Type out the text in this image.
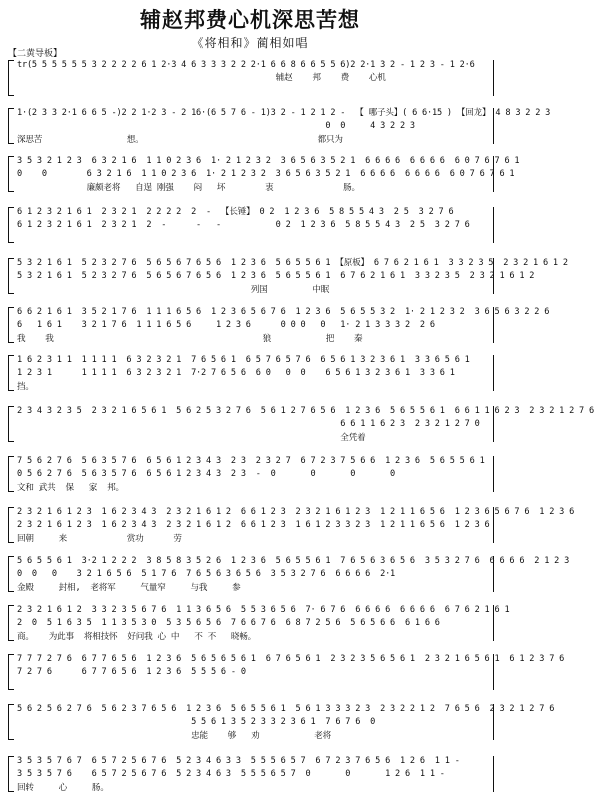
辅赵邦费心机深思苦想
《将相和》蔺相如唱
【二黄导板】
tr(5 5 5 5 5 5 3 2 2 2 2 6 1 2·3 4 6 3 3 3 2 2 2·1 6 6 8 6 6 5 5 6)2 2·1 3 2 - 1 2 3 - 1 2·6
辅赵    邦    费    心机
1·(2 3 3 2·1 6 6 5 -)2 2 1·2 3 - 2 16·(6 5 7 6 - 1)3 2 - 1 2 1 2 -  【 哪子头】( 6 6·15 ) 【回龙】 4 8 3 2 2 3
0  0     4 3 2 2 3
深思苦                 想。                                   都只为
3 5 3 2 1 2 3  6 3 2 1 6  1 1 0 2 3 6  1· 2 1 2 3 2  3 6 5 6 3 5 2 1  6 6 6 6  6 6 6 6  6 0 7 6 7 6 1
0    0        6 3 2 1 6  1 1 0 2 3 6  1· 2 1 2 3 2  3 6 5 6 3 5 2 1  6 6 6 6  6 6 6 6  6 0 7 6 7 6 1
廉颇老将   自逞 刚强    闷   坏        衷              肠。
6 1 2 3 2 1 6 1  2 3 2 1  2 2 2 2  2  -  【长锤】 0 2  1 2 3 6  5 8 5 5 4 3  2 5  3 2 7 6
6 1 2 3 2 1 6 1  2 3 2 1  2  -      -   -           0 2  1 2 3 6  5 8 5 5 4 3  2 5  3 2 7 6
5 3 2 1 6 1  5 2 3 2 7 6  5 6 5 6 7 6 5 6  1 2 3 6  5 6 5 5 6 1 【原板】 6 7 6 2 1 6 1  3 3 2 3 5  2 3 2 1 6 1 2
5 3 2 1 6 1  5 2 3 2 7 6  5 6 5 6 7 6 5 6  1 2 3 6  5 6 5 5 6 1  6 7 6 2 1 6 1  3 3 2 3 5  2 3 2 1 6 1 2
列国         中眠
6 6 2 1 6 1  3 5 2 1 7 6  1 1 1 6 5 6  1 2 3 6 5 6 7 6  1 2 3 6  5 6 5 5 3 2  1· 2 1 2 3 2  3 6 5 6 3 2 2 6
6   1 6 1    3 2 1 7 6  1 1 1 6 5 6     1 2 3 6      0 0 0   0   1· 2 1 3 3 3 2  2 6
我    我                                          狼           把    秦
1 6 2 3 1 1  1 1 1 1  6 3 2 3 2 1  7 6 5 6 1  6 5 7 6 5 7 6  6 5 6 1 3 2 3 6 1  3 3 6 5 6 1
1 2 3 1      1 1 1 1  6 3 2 3 2 1  7·2 7 6 5 6  6 0   0  0    6 5 6 1 3 2 3 6 1  3 3 6 1
挡。
2 3 4 3 2 3 5  2 3 2 1 6 5 6 1  5 6 2 5 3 2 7 6  5 6 1 2 7 6 5 6  1 2 3 6  5 6 5 5 6 1  6 6 1 1 6 2 3  2 3 2 1 2 7 6
6 6 1 1 6 2 3  2 3 2 1 2 7 0
全凭着
7 5 6 2 7 6  5 6 3 5 7 6  6 5 6 1 2 3 4 3  2 3  2 3 2 7  6 7 2 3 7 5 6 6  1 2 3 6  5 6 5 5 6 1
0 5 6 2 7 6  5 6 3 5 7 6  6 5 6 1 2 3 4 3  2 3  -  0       0       0       0
文和 武共  保   家  邦。
2 3 2 1 6 1 2 3  1 6 2 3 4 3  2 3 2 1 6 1 2  6 6 1 2 3  2 3 2 1 6 1 2 3  1 2 1 1 6 5 6  1 2 3 6 5 6 7 6  1 2 3 6
2 3 2 1 6 1 2 3  1 6 2 3 4 3  2 3 2 1 6 1 2  6 6 1 2 3  1 6 1 2 3 3 2 3  1 2 1 1 6 5 6  1 2 3 6
回朝     来            赏功      劳
5 6 5 5 6 1  3·2 1 2 2 2  3 8 5 8 3 5 2 6  1 2 3 6  5 6 5 5 6 1  7 6 5 6 3 6 5 6  3 5 3 2 7 6  6 6 6 6  2 1 2 3
0  0   0    3 2 1 6 5 6  5 1 7 6  7 6 5 6 3 6 5 6  3 5 3 2 7 6  6 6 6 6  2·1
金殿     封相,  老将军     气量窄     与我     参
2 3 2 1 6 1 2  3 3 2 3 5 6 7 6  1 1 3 6 5 6  5 5 3 6 5 6  7· 6 7 6  6 6 6 6  6 6 6 6  6 7 6 2 1 6 1
2  0  5 1 6 3 5  1 1 3 5 3 0  5 3 5 6 5 6  7 6 6 7 6  6 8 7 2 5 6  5 6 5 6 6  6 1 6 6
商。   为此事  将相技怀  好问我 心 中   不 不   晓畅。
7 7 7 2 7 6  6 7 7 6 5 6  1 2 3 6  5 6 5 6 5 6 1  6 7 6 5 6 1  2 3 2 3 5 6 5 6 1  2 3 2 1 6 5 6 1  6 1 2 3 7 6
7 2 7 6      6 7 7 6 5 6  1 2 3 6  5 5 5 6 - 0
5 6 2 5 6 2 7 6  5 6 2 3 7 6 5 6  1 2 3 6  5 6 5 5 6 1  5 6 1 3 3 3 2 3  2 3 2 2 1 2  7 6 5 6  2 3 2 1 2 7 6
5 5 6 1 3 5 2 3 3 2 3 6 1  7 6 7 6  0
忠能    够   劝           老将
3 5 3 5 7 6 7  6 5 7 2 5 6 7 6  5 2 3 4 6 3 3  5 5 5 6 5 7  6 7 2 3 7 6 5 6  1 2 6  1 1 -
3 5 3 5 7 6    6 5 7 2 5 6 7 6  5 2 3 4 6 3  5 5 5 6 5 7  0       0       1 2 6  1 1 -
回转     心     肠。
